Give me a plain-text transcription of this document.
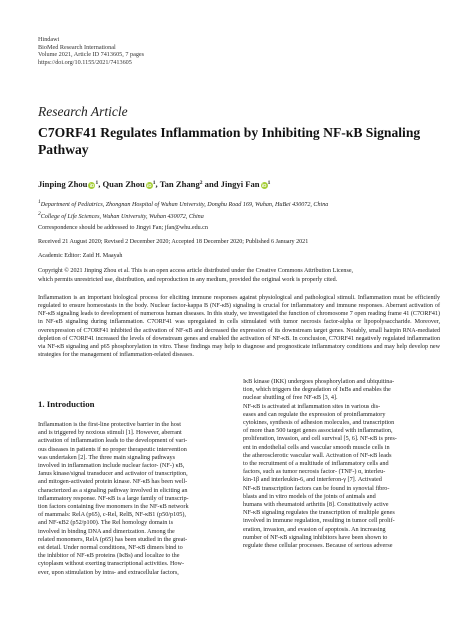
Hindawi
BioMed Research International
Volume 2021, Article ID 7413605, 7 pages
https://doi.org/10.1155/2021/7413605
Research Article
C7ORF41 Regulates Inflammation by Inhibiting NF-κB Signaling Pathway
Jinping Zhou $iD^1$, Quan Zhou $iD^1$, Tan Zhang$^2$ and Jingyi Fan $iD^1$
$^1$Department of Pediatrics, Zhongnan Hospital of Wuhan University, Donghu Road 169, Wuhan, HuBei 430072, China
$^2$College of Life Sciences, Wuhan University, Wuhan 430072, China
Correspondence should be addressed to Jingyi Fan; jfan@whu.edu.cn
Received 21 August 2020; Revised 2 December 2020; Accepted 18 December 2020; Published 6 January 2021
Academic Editor: Zaid H. Maayah
Copyright © 2021 Jinping Zhou et al. This is an open access article distributed under the Creative Commons Attribution License,
which permits unrestricted use, distribution, and reproduction in any medium, provided the original work is properly cited.
Inflammation is an important biological process for eliciting immune responses against physiological and pathological stimuli. Inflammation must be efficiently regulated to ensure homeostasis in the body. Nuclear factor-kappa B (NF-κB) signaling is crucial for inflammatory and immune responses. Aberrant activation of NF-κB signaling leads to development of numerous human diseases. In this study, we investigated the function of chromosome 7 open reading frame 41 (C7ORF41) in NF-κB signaling during inflammation. C7ORF41 was upregulated in cells stimulated with tumor necrosis factor-alpha or lipopolysaccharide. Moreover, overexpression of C7ORF41 inhibited the activation of NF-κB and decreased the expression of its downstream target genes. Notably, small hairpin RNA-mediated depletion of C7ORF41 increased the levels of downstream genes and enabled the activation of NF-κB. In conclusion, C7ORF41 negatively regulated inflammation via NF-κB signaling and p65 phosphorylation in vitro. These findings may help to diagnose and prognosticate inflammatory conditions and may help develop new strategies for the management of inflammation-related diseases.
1. Introduction
Inflammation is the first-line protective barrier in the host
and is triggered by noxious stimuli [1]. However, aberrant
activation of inflammation leads to the development of vari-
ous diseases in patients if no proper therapeutic intervention
was undertaken [2]. The three main signaling pathways
involved in inflammation include nuclear factor- (NF-) κB,
Janus kinase/signal transducer and activator of transcription,
and mitogen-activated protein kinase. NF-κB has been well-
characterized as a signaling pathway involved in eliciting an
inflammatory response. NF-κB is a large family of transcrip-
tion factors containing five monomers in the NF-κB network
of mammals: RelA (p65), c-Rel, RelB, NF-κB1 (p50/p105),
and NF-κB2 (p52/p100). The Rel homology domain is
involved in binding DNA and dimerization. Among the
related monomers, RelA (p65) has been studied in the great-
est detail. Under normal conditions, NF-κB dimers bind to
the inhibitor of NF-κB proteins (IκBs) and localize to the
cytoplasm without exerting transcriptional activities. How-
ever, upon stimulation by intra- and extracellular factors,
IκB kinase (IKK) undergoes phosphorylation and ubiquitina-
tion, which triggers the degradation of IκBs and enables the
nuclear shuttling of free NF-κB [3, 4].
NF-κB is activated at inflammation sites in various dis-
eases and can regulate the expression of proinflammatory
cytokines, synthesis of adhesion molecules, and transcription
of more than 500 target genes associated with inflammation,
proliferation, invasion, and cell survival [5, 6]. NF-κB is pres-
ent in endothelial cells and vascular smooth muscle cells in
the atherosclerotic vascular wall. Activation of NF-κB leads
to the recruitment of a multitude of inflammatory cells and
factors, such as tumor necrosis factor- (TNF-) α, interleu-
kin-1β and interleukin-6, and interferon-γ [7]. Activated
NF-κB transcription factors can be found in synovial fibro-
blasts and in vitro models of the joints of animals and
humans with rheumatoid arthritis [8]. Constitutively active
NF-κB signaling regulates the transcription of multiple genes
involved in immune regulation, resulting in tumor cell prolif-
eration, invasion, and evasion of apoptosis. An increasing
number of NF-κB signaling inhibitors have been shown to
regulate these cellular processes. Because of serious adverse
